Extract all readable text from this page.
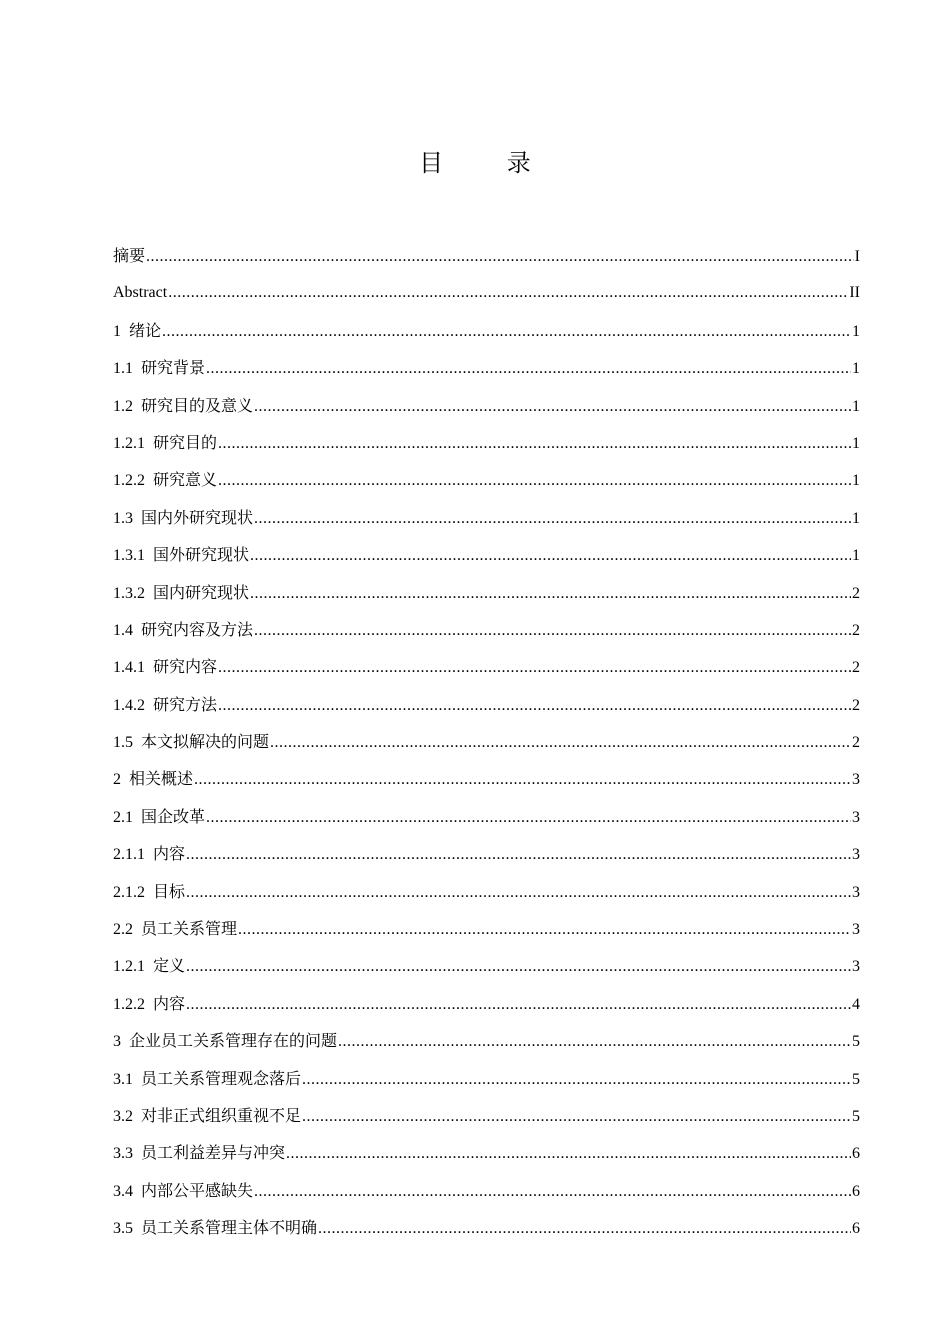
目 录
摘要 .....	I
Abstract .....	II
1 绪论 .....	1
1.1 研究背景 .....	1
1.2 研究目的及意义 .....	1
1.2.1 研究目的 .....	1
1.2.2 研究意义 .....	1
1.3 国内外研究现状 .....	1
1.3.1 国外研究现状 .....	1
1.3.2 国内研究现状 .....	2
1.4 研究内容及方法 .....	2
1.4.1 研究内容 .....	2
1.4.2 研究方法 .....	2
1.5 本文拟解决的问题 .....	2
2 相关概述 .....	3
2.1 国企改革 .....	3
2.1.1 内容 .....	3
2.1.2 目标 .....	3
2.2 员工关系管理 .....	3
1.2.1 定义 .....	3
1.2.2 内容 .....	4
3 企业员工关系管理存在的问题 .....	5
3.1 员工关系管理观念落后 .....	5
3.2 对非正式组织重视不足 .....	5
3.3 员工利益差异与冲突 .....	6
3.4 内部公平感缺失 .....	6
3.5 员工关系管理主体不明确 .....	6
